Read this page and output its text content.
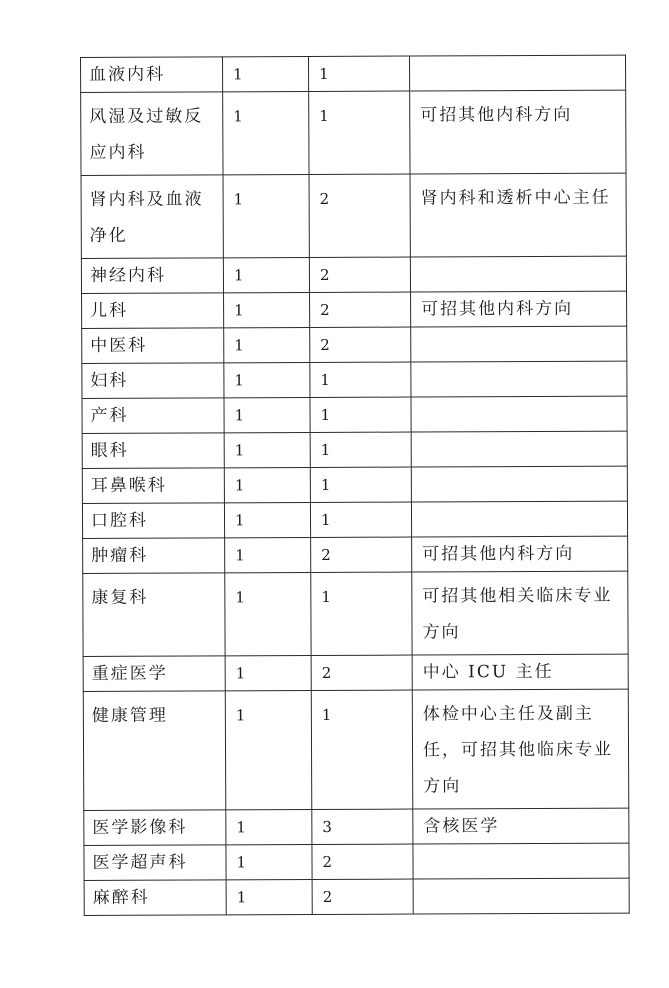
血液内科	1	1	
风湿及过敏反应内科	1	1	可招其他内科方向
肾内科及血液净化	1	2	肾内科和透析中心主任
神经内科	1	2	
儿科	1	2	可招其他内科方向
中医科	1	2	
妇科	1	1	
产科	1	1	
眼科	1	1	
耳鼻喉科	1	1	
口腔科	1	1	
肿瘤科	1	2	可招其他内科方向
康复科	1	1	可招其他相关临床专业方向
重症医学	1	2	中心 ICU 主任
健康管理	1	1	体检中心主任及副主任，可招其他临床专业方向
医学影像科	1	3	含核医学
医学超声科	1	2	
麻醉科	1	2	
